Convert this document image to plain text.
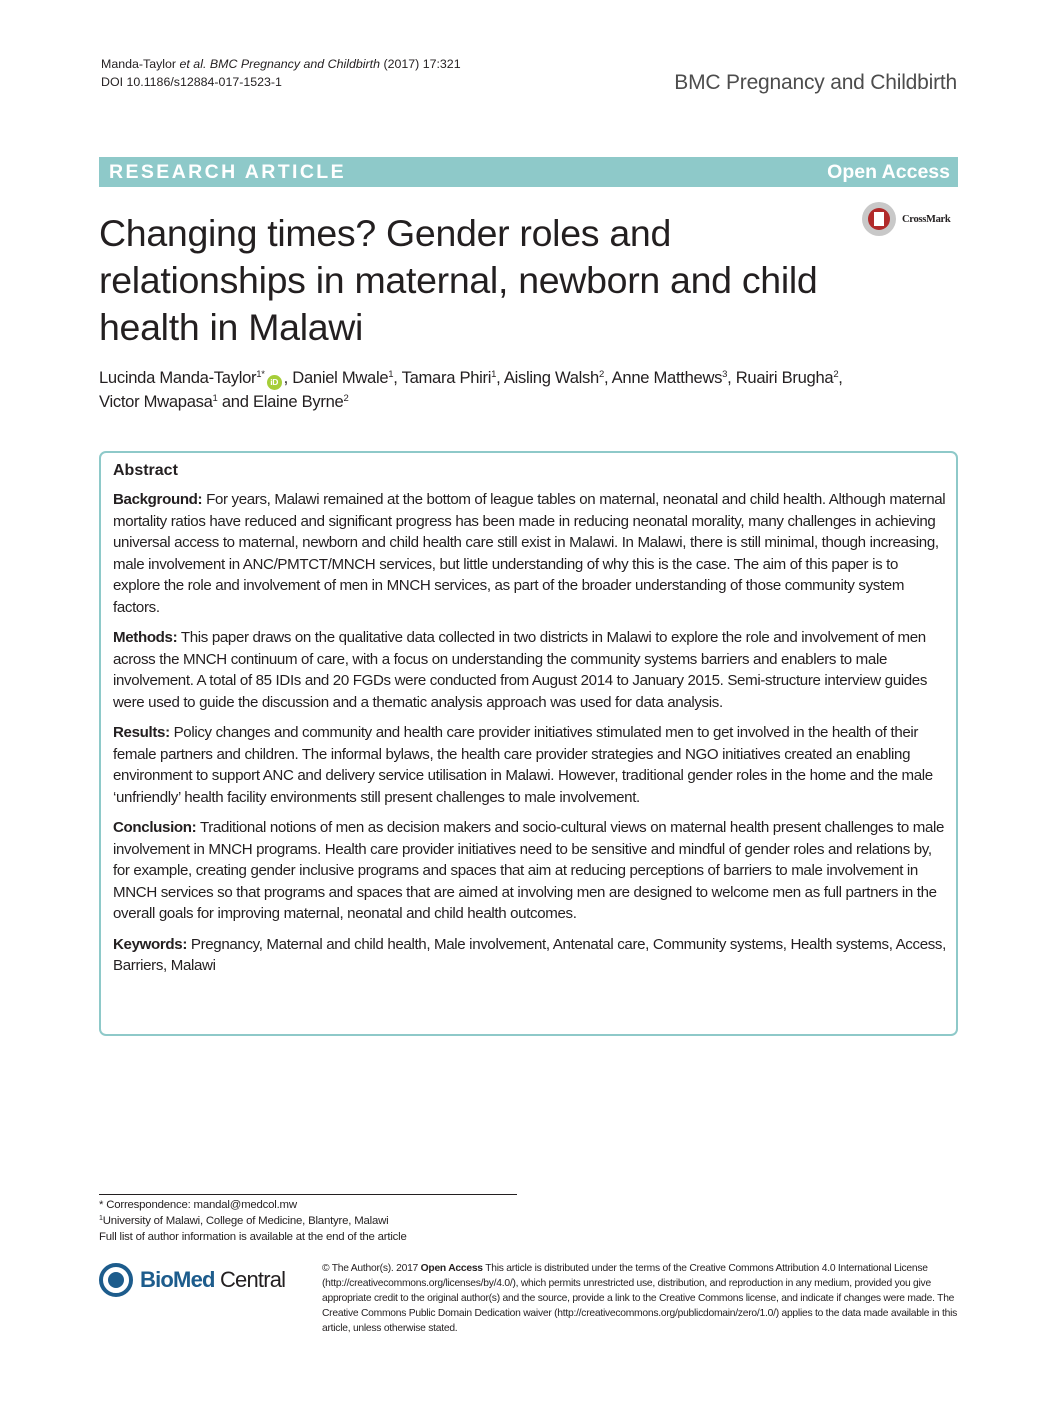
Manda-Taylor et al. BMC Pregnancy and Childbirth (2017) 17:321
DOI 10.1186/s12884-017-1523-1	BMC Pregnancy and Childbirth
RESEARCH ARTICLE	Open Access
Changing times? Gender roles and relationships in maternal, newborn and child health in Malawi
CrossMark
Lucinda Manda-Taylor$^{1*}$iD , Daniel Mwale$^1$, Tamara Phiri$^1$, Aisling Walsh$^2$, Anne Matthews$^3$, Ruairi Brugha$^2$,
Victor Mwapasa$^1$ and Elaine Byrne$^2$
Abstract

Background: For years, Malawi remained at the bottom of league tables on maternal, neonatal and child health. Although maternal mortality ratios have reduced and significant progress has been made in reducing neonatal morality, many challenges in achieving universal access to maternal, newborn and child health care still exist in Malawi. In Malawi, there is still minimal, though increasing, male involvement in ANC/PMTCT/MNCH services, but little understanding of why this is the case. The aim of this paper is to explore the role and involvement of men in MNCH services, as part of the broader understanding of those community system factors.

Methods: This paper draws on the qualitative data collected in two districts in Malawi to explore the role and involvement of men across the MNCH continuum of care, with a focus on understanding the community systems barriers and enablers to male involvement. A total of 85 IDIs and 20 FGDs were conducted from August 2014 to January 2015. Semi-structure interview guides were used to guide the discussion and a thematic analysis approach was used for data analysis.

Results: Policy changes and community and health care provider initiatives stimulated men to get involved in the health of their female partners and children. The informal bylaws, the health care provider strategies and NGO initiatives created an enabling environment to support ANC and delivery service utilisation in Malawi. However, traditional gender roles in the home and the male ‘unfriendly’ health facility environments still present challenges to male involvement.

Conclusion: Traditional notions of men as decision makers and socio-cultural views on maternal health present challenges to male involvement in MNCH programs. Health care provider initiatives need to be sensitive and mindful of gender roles and relations by, for example, creating gender inclusive programs and spaces that aim at reducing perceptions of barriers to male involvement in MNCH services so that programs and spaces that are aimed at involving men are designed to welcome men as full partners in the overall goals for improving maternal, neonatal and child health outcomes.

Keywords: Pregnancy, Maternal and child health, Male involvement, Antenatal care, Community systems, Health systems, Access, Barriers, Malawi

* Correspondence: mandal@medcol.mw
$^1$University of Malawi, College of Medicine, Blantyre, Malawi
Full list of author information is available at the end of the article
BioMed Central	© The Author(s). 2017 Open Access This article is distributed under the terms of the Creative Commons Attribution 4.0 International License (http://creativecommons.org/licenses/by/4.0/), which permits unrestricted use, distribution, and reproduction in any medium, provided you give appropriate credit to the original author(s) and the source, provide a link to the Creative Commons license, and indicate if changes were made. The Creative Commons Public Domain Dedication waiver (http://creativecommons.org/publicdomain/zero/1.0/) applies to the data made available in this article, unless otherwise stated.
